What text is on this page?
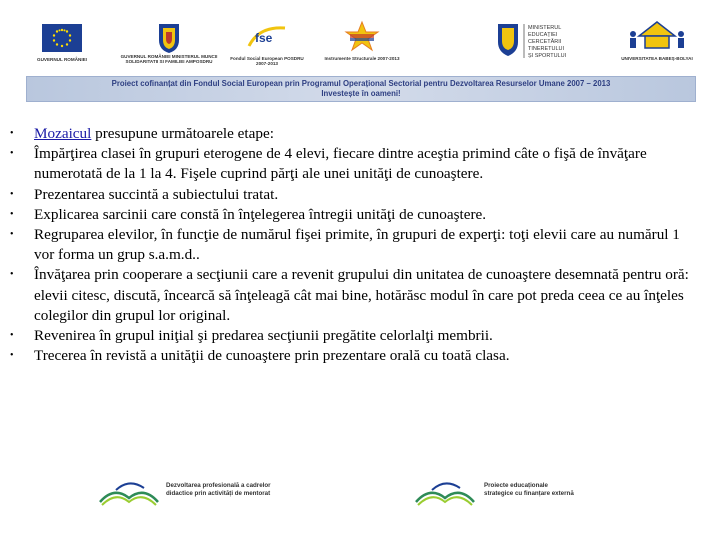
GUVERNUL ROMÂNIEI
GUVERNUL ROMÂNIEI MINISTERUL MUNCII SOLIDARITATII SI FAMILIEI AMPOSDRU
fse
Fondul Social European POSDRU 2007-2013
Instrumente Structurale 2007-2013
MINISTERUL
EDUCAȚIEI
CERCETĂRII
TINERETULUI
ȘI SPORTULUI	UNIVERSITATEA BABEȘ-BOLYAI
Proiect cofinanțat din Fondul Social European prin Programul Operațional Sectorial pentru Dezvoltarea Resurselor Umane 2007 – 2013
Investește în oameni!
•	Mozaicul presupune următoarele etape:
•	Împărţirea clasei în grupuri eterogene de 4 elevi, fiecare dintre aceştia primind câte o fişă de învăţare numerotată de la 1 la 4. Fişele cuprind părţi ale unei unităţi de cunoaştere.
•	Prezentarea succintă a subiectului tratat.
•	Explicarea sarcinii care constă în înţelegerea întregii unităţi de cunoaştere.
•	Regruparea elevilor, în funcţie de numărul fişei primite, în grupuri de experţi: toţi elevii care au numărul 1 vor forma un grup s.a.m.d..
•	Învăţarea prin cooperare a secţiunii care a revenit grupului din unitatea de cunoaştere desemnată pentru oră: elevii citesc, discută, încearcă să înţeleagă cât mai bine, hotărăsc modul în care pot preda ceea ce au înţeles colegilor din grupul lor original.
•	Revenirea în grupul iniţial şi predarea secţiunii pregătite celorlalţi membrii.
•	Trecerea în revistă a unităţii de cunoaştere prin prezentare orală cu toată clasa.
Dezvoltarea profesională a cadrelor
didactice prin activități de mentorat
Proiecte educaționale
strategice cu finanțare externă
